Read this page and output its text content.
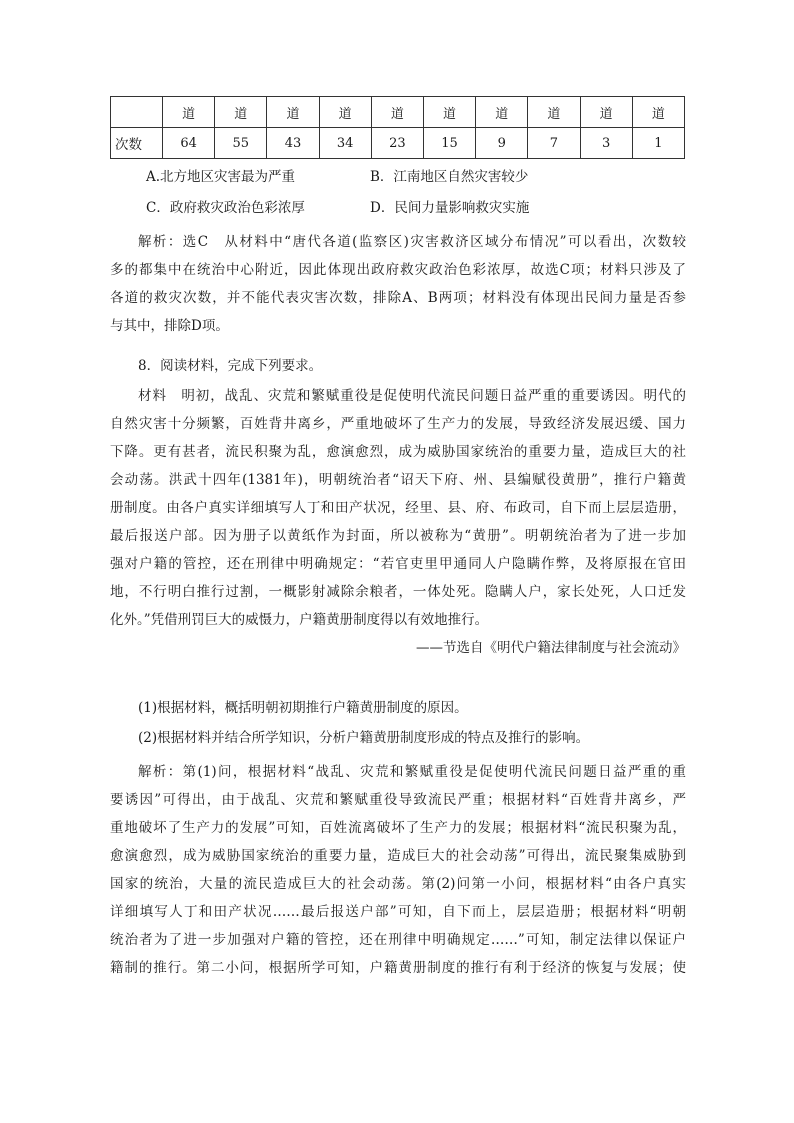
	道	道	道	道	道	道	道	道	道	道
次数	64	55	43	34	23	15	9	7	3	1
A.北方地区灾害最为严重	B．江南地区自然灾害较少
C．政府救灾政治色彩浓厚	D．民间力量影响救灾实施
解析：选C　从材料中“唐代各道(监察区)灾害救济区域分布情况”可以看出，次数较
多的都集中在统治中心附近，因此体现出政府救灾政治色彩浓厚，故选C项；材料只涉及了
各道的救灾次数，并不能代表灾害次数，排除A、B两项；材料没有体现出民间力量是否参
与其中，排除D项。
8．阅读材料，完成下列要求。
材料　明初，战乱、灾荒和繁赋重役是促使明代流民问题日益严重的重要诱因。明代的
自然灾害十分频繁，百姓背井离乡，严重地破坏了生产力的发展，导致经济发展迟缓、国力
下降。更有甚者，流民积聚为乱，愈演愈烈，成为威胁国家统治的重要力量，造成巨大的社
会动荡。洪武十四年(1381年)，明朝统治者“诏天下府、州、县编赋役黄册”，推行户籍黄
册制度。由各户真实详细填写人丁和田产状况，经里、县、府、布政司，自下而上层层造册，
最后报送户部。因为册子以黄纸作为封面，所以被称为“黄册”。明朝统治者为了进一步加
强对户籍的管控，还在刑律中明确规定：“若官吏里甲通同人户隐瞒作弊，及将原报在官田
地，不行明白推行过割，一概影射减除余粮者，一体处死。隐瞒人户，家长处死，人口迁发
化外。”凭借刑罚巨大的威慑力，户籍黄册制度得以有效地推行。
——节选自《明代户籍法律制度与社会流动》
(1)根据材料，概括明朝初期推行户籍黄册制度的原因。
(2)根据材料并结合所学知识，分析户籍黄册制度形成的特点及推行的影响。
解析：第(1)问，根据材料“战乱、灾荒和繁赋重役是促使明代流民问题日益严重的重
要诱因”可得出，由于战乱、灾荒和繁赋重役导致流民严重；根据材料“百姓背井离乡，严
重地破坏了生产力的发展”可知，百姓流离破坏了生产力的发展；根据材料“流民积聚为乱，
愈演愈烈，成为威胁国家统治的重要力量，造成巨大的社会动荡”可得出，流民聚集威胁到
国家的统治，大量的流民造成巨大的社会动荡。第(2)问第一小问，根据材料“由各户真实
详细填写人丁和田产状况……最后报送户部”可知，自下而上，层层造册；根据材料“明朝
统治者为了进一步加强对户籍的管控，还在刑律中明确规定……”可知，制定法律以保证户
籍制的推行。第二小问，根据所学可知，户籍黄册制度的推行有利于经济的恢复与发展；使
